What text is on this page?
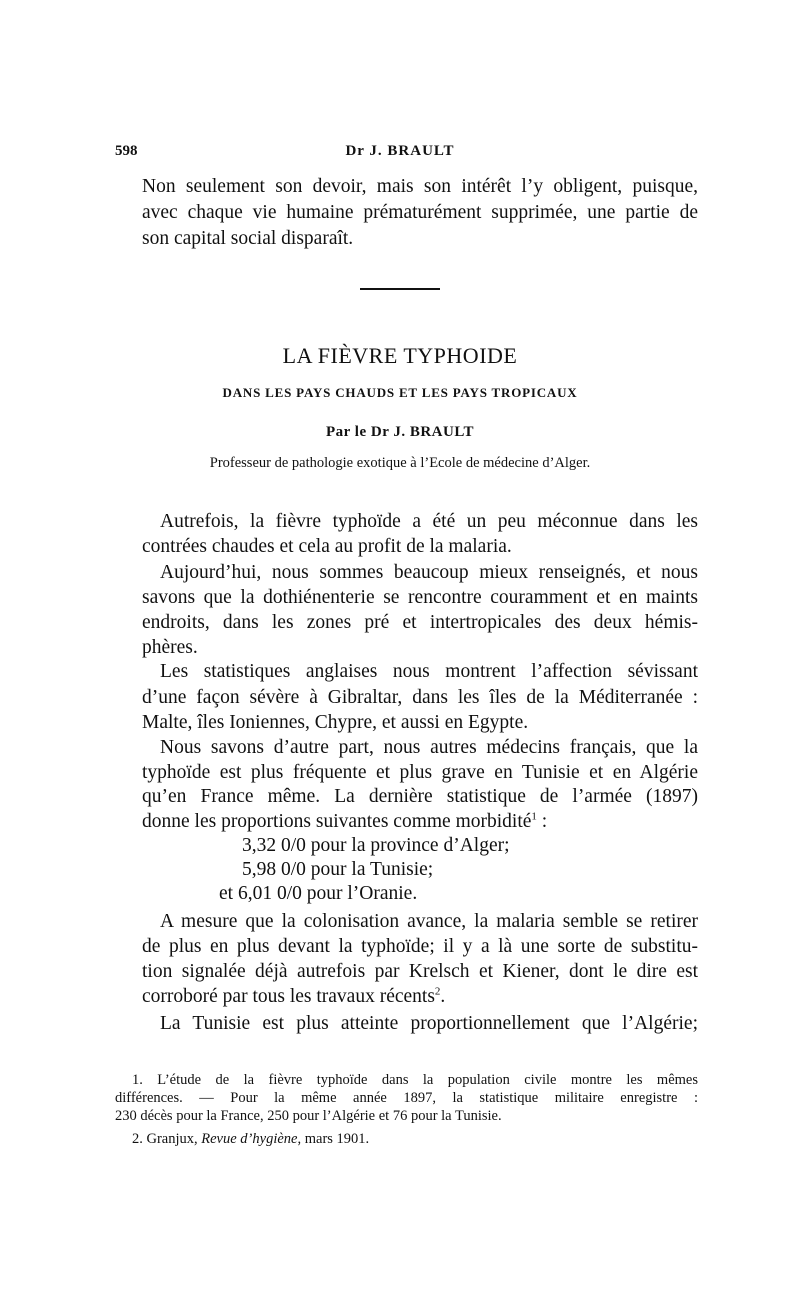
598	Dr J. BRAULT
Non seulement son devoir, mais son intérêt l’y obligent, puisque,
avec chaque vie humaine prématurément supprimée, une partie de
son capital social disparaît.
LA FIÈVRE TYPHOIDE
DANS LES PAYS CHAUDS ET LES PAYS TROPICAUX
Par le Dr J. BRAULT
Professeur de pathologie exotique à l’Ecole de médecine d’Alger.
Autrefois, la fièvre typhoïde a été un peu méconnue dans les
contrées chaudes et cela au profit de la malaria.
Aujourd’hui, nous sommes beaucoup mieux renseignés, et nous
savons que la dothiénenterie se rencontre couramment et en maints
endroits, dans les zones pré et intertropicales des deux hémis-
phères.
Les statistiques anglaises nous montrent l’affection sévissant
d’une façon sévère à Gibraltar, dans les îles de la Méditerranée :
Malte, îles Ioniennes, Chypre, et aussi en Egypte.
Nous savons d’autre part, nous autres médecins français, que la
typhoïde est plus fréquente et plus grave en Tunisie et en Algérie
qu’en France même. La dernière statistique de l’armée (1897)
donne les proportions suivantes comme morbidité$^1$ :
3,32 0/0 pour la province d’Alger;
5,98 0/0 pour la Tunisie;
et 6,01 0/0 pour l’Oranie.
A mesure que la colonisation avance, la malaria semble se retirer
de plus en plus devant la typhoïde; il y a là une sorte de substitu-
tion signalée déjà autrefois par Krelsch et Kiener, dont le dire est
corroboré par tous les travaux récents$^2$.
La Tunisie est plus atteinte proportionnellement que l’Algérie;
1. L’étude de la fièvre typhoïde dans la population civile montre les mêmes
différences. — Pour la même année 1897, la statistique militaire enregistre :
230 décès pour la France, 250 pour l’Algérie et 76 pour la Tunisie.
2. Granjux, Revue d’hygiène, mars 1901.
